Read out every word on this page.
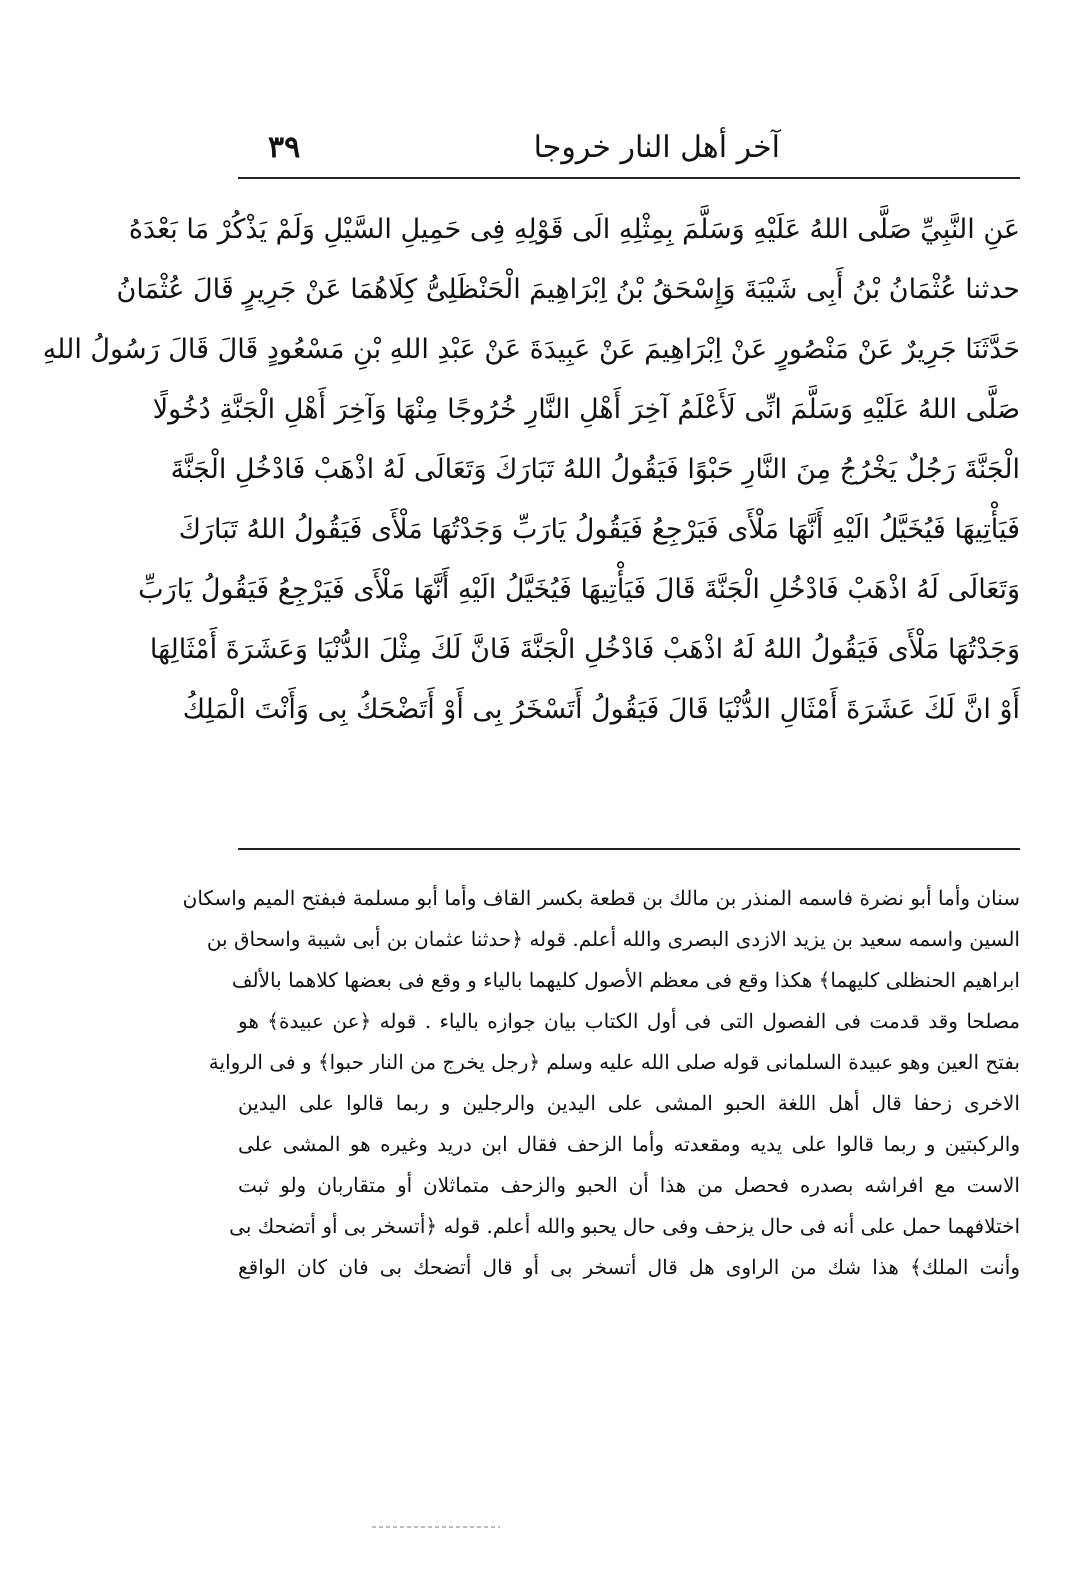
آخر أهل النار خروجا
٣٩
عَنِ النَّبِيِّ صَلَّى اللهُ عَلَيْهِ وَسَلَّمَ بِمِثْلِهِ الَى قَوْلِهِ فِى حَمِيلِ السَّيْلِ وَلَمْ يَذْكُرْ مَا بَعْدَهُ
حدثنا عُثْمَانُ بْنُ أَبِى شَيْبَةَ وَإِسْحَقُ بْنُ اِبْرَاهِيمَ الْحَنْظَلِىُّ كِلَاهُمَا عَنْ جَرِيرٍ قَالَ عُثْمَانُ
حَدَّثَنَا جَرِيرٌ عَنْ مَنْصُورٍ عَنْ اِبْرَاهِيمَ عَنْ عَبِيدَةَ عَنْ عَبْدِ اللهِ بْنِ مَسْعُودٍ قَالَ قَالَ رَسُولُ اللهِ
صَلَّى اللهُ عَلَيْهِ وَسَلَّمَ انِّى لَأَعْلَمُ آخِرَ أَهْلِ النَّارِ خُرُوجًا مِنْهَا وَآخِرَ أَهْلِ الْجَنَّةِ دُخُولًا
الْجَنَّةَ رَجُلٌ يَخْرُجُ مِنَ النَّارِ حَبْوًا فَيَقُولُ اللهُ تَبَارَكَ وَتَعَالَى لَهُ اذْهَبْ فَادْخُلِ الْجَنَّةَ
فَيَأْتِيهَا فَيُخَيَّلُ الَيْهِ أَنَّهَا مَلْأَى فَيَرْجِعُ فَيَقُولُ يَارَبِّ وَجَدْتُهَا مَلْأَى فَيَقُولُ اللهُ تَبَارَكَ
وَتَعَالَى لَهُ اذْهَبْ فَادْخُلِ الْجَنَّةَ قَالَ فَيَأْتِيهَا فَيُخَيَّلُ الَيْهِ أَنَّهَا مَلْأَى فَيَرْجِعُ فَيَقُولُ يَارَبِّ
وَجَدْتُهَا مَلْأَى فَيَقُولُ اللهُ لَهُ اذْهَبْ فَادْخُلِ الْجَنَّةَ فَانَّ لَكَ مِثْلَ الدُّنْيَا وَعَشَرَةَ أَمْثَالِهَا
أَوْ انَّ لَكَ عَشَرَةَ أَمْثَالِ الدُّنْيَا قَالَ فَيَقُولُ أَتَسْخَرُ بِى أَوْ أَتَضْحَكُ بِى وَأَنْتَ الْمَلِكُ
سنان وأما أبو نضرة فاسمه المنذر بن مالك بن قطعة بكسر القاف وأما أبو مسلمة فبفتح الميم واسكان
السين واسمه سعيد بن يزيد الازدى البصرى والله أعلم. قوله ﴿حدثنا عثمان بن أبى شيبة واسحاق بن
ابراهيم الحنظلى كليهما﴾ هكذا وقع فى معظم الأصول كليهما بالياء و وقع فى بعضها كلاهما بالألف
مصلحا وقد قدمت فى الفصول التى فى أول الكتاب بيان جوازه بالياء . قوله ﴿عن عبيدة﴾ هو
بفتح العين وهو عبيدة السلمانى قوله صلى الله عليه وسلم ﴿رجل يخرج من النار حبوا﴾ و فى الرواية
الاخرى زحفا قال أهل اللغة الحبو المشى على اليدين والرجلين و ربما قالوا على اليدين
والركبتين و ربما قالوا على يديه ومقعدته وأما الزحف فقال ابن دريد وغيره هو المشى على
الاست مع افراشه بصدره فحصل من هذا أن الحبو والزحف متماثلان أو متقاربان ولو ثبت
اختلافهما حمل على أنه فى حال يزحف وفى حال يحبو والله أعلم. قوله ﴿أتسخر بى أو أتضحك بى
وأنت الملك﴾ هذا شك من الراوى هل قال أتسخر بى أو قال أتضحك بى فان كان الواقع
